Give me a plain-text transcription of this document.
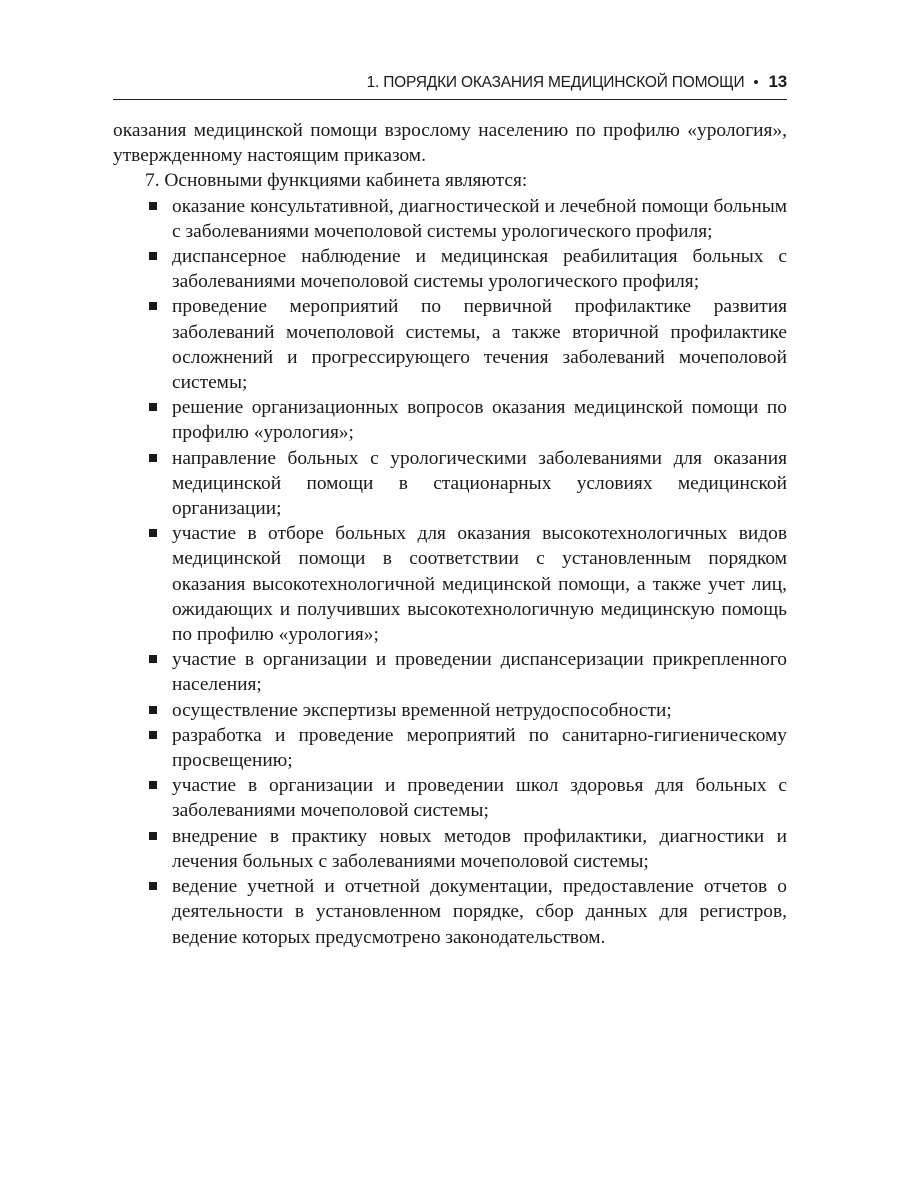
1. ПОРЯДКИ ОКАЗАНИЯ МЕДИЦИНСКОЙ ПОМОЩИ • 13

оказания медицинской помощи взрослому населению по профилю «урология», утвержденному настоящим приказом.

7. Основными функциями кабинета являются:

оказание консультативной, диагностической и лечебной помощи больным с заболеваниями мочеполовой системы урологического профиля;
диспансерное наблюдение и медицинская реабилитация больных с заболеваниями мочеполовой системы урологического профиля;
проведение мероприятий по первичной профилактике развития заболеваний мочеполовой системы, а также вторичной профилактике осложнений и прогрессирующего течения заболеваний мочеполовой системы;
решение организационных вопросов оказания медицинской помощи по профилю «урология»;
направление больных с урологическими заболеваниями для оказания медицинской помощи в стационарных условиях медицинской организации;
участие в отборе больных для оказания высокотехнологичных видов медицинской помощи в соответствии с установленным порядком оказания высокотехнологичной медицинской помощи, а также учет лиц, ожидающих и получивших высокотехнологичную медицинскую помощь по профилю «урология»;
участие в организации и проведении диспансеризации прикрепленного населения;
осуществление экспертизы временной нетрудоспособности;
разработка и проведение мероприятий по санитарно-гигиеническому просвещению;
участие в организации и проведении школ здоровья для больных с заболеваниями мочеполовой системы;
внедрение в практику новых методов профилактики, диагностики и лечения больных с заболеваниями мочеполовой системы;
ведение учетной и отчетной документации, предоставление отчетов о деятельности в установленном порядке, сбор данных для регистров, ведение которых предусмотрено законодательством.
